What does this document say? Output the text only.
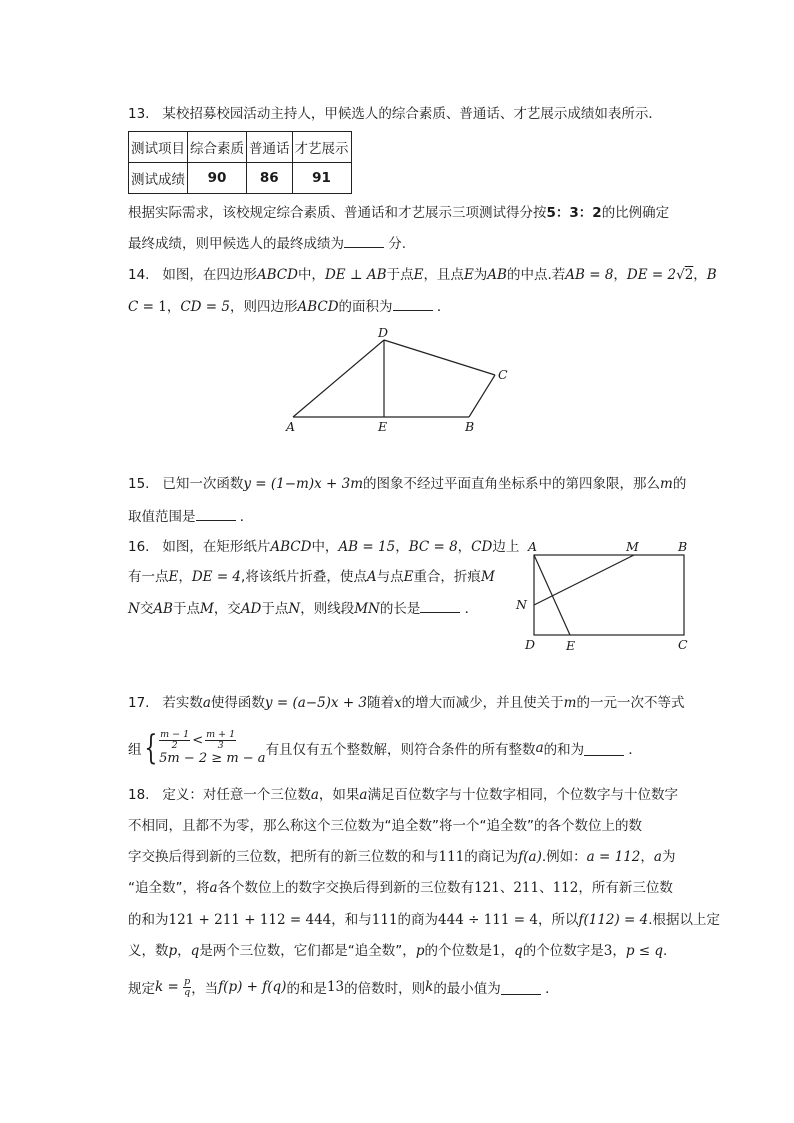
13. 某校招募校园活动主持人，甲候选人的综合素质、普通话、才艺展示成绩如表所示．
测试项目	综合素质	普通话	才艺展示
测试成绩	90	86	91
根据实际需求，该校规定综合素质、普通话和才艺展示三项测试得分按5：3：2的比例确定
最终成绩，则甲候选人的最终成绩为	分.
14. 如图，在四边形ABCD中，DE ⊥ AB于点E，且点E为AB的中点.若AB = 8，DE = 2√2，B
C = 1，CD = 5，则四边形ABCD的面积为	．
D
C
A	E	B
15. 已知一次函数y = (1−m)x + 3m的图象不经过平面直角坐标系中的第四象限，那么m的
取值范围是	．
16. 如图，在矩形纸片ABCD中，AB = 15，BC = 8，CD边上
有一点E，DE = 4,将该纸片折叠，使点A与点E重合，折痕M
N交AB于点M，交AD于点N，则线段MN的长是	．
A	M	B
N
D E	C
17. 若实数a使得函数y = (a−5)x + 3随着x的增大而减少，并且使关于m的一元一次不等式
组 { $\frac{m - 1}{2} < \frac{m + 1}{3}$
5m − 2 ≥ m − a 有且仅有五个整数解，则符合条件的所有整数 a 的和为
	．
18. 定义：对任意一个三位数a，如果a满足百位数字与十位数字相同，个位数字与十位数字
不相同，且都不为零，那么称这个三位数为“追全数”将一个“追全数”的各个数位上的数
字交换后得到新的三位数，把所有的新三位数的和与111的商记为f(a).例如：a = 112，a为
“追全数”，将a各个数位上的数字交换后得到新的三位数有121、211、112，所有新三位数
的和为121 + 211 + 112 = 444，和与111的商为444 ÷ 111 = 4，所以f(112) = 4.根据以上定
义，数p，q是两个三位数，它们都是“追全数”，p的个位数是1，q的个位数字是3，p ≤ q.
规定 k =
$\frac{p}{q}$ ，当 f(p) + f(q) 的和是 13 的倍数时，则 k 的最小值为
	．
